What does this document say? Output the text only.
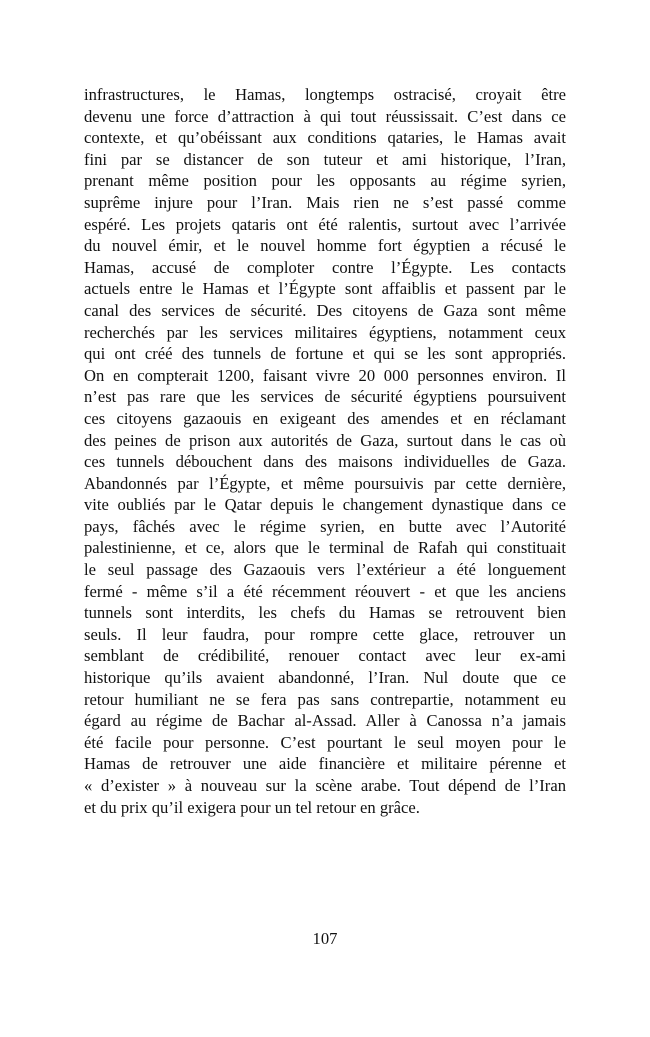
infrastructures, le Hamas, longtemps ostracisé, croyait être
devenu une force d’attraction à qui tout réussissait. C’est dans ce
contexte, et qu’obéissant aux conditions qataries, le Hamas avait
fini par se distancer de son tuteur et ami historique, l’Iran,
prenant même position pour les opposants au régime syrien,
suprême injure pour l’Iran. Mais rien ne s’est passé comme
espéré. Les projets qataris ont été ralentis, surtout avec l’arrivée
du nouvel émir, et le nouvel homme fort égyptien a récusé le
Hamas, accusé de comploter contre l’Égypte. Les contacts
actuels entre le Hamas et l’Égypte sont affaiblis et passent par le
canal des services de sécurité. Des citoyens de Gaza sont même
recherchés par les services militaires égyptiens, notamment ceux
qui ont créé des tunnels de fortune et qui se les sont appropriés.
On en compterait 1200, faisant vivre 20 000 personnes environ. Il
n’est pas rare que les services de sécurité égyptiens poursuivent
ces citoyens gazaouis en exigeant des amendes et en réclamant
des peines de prison aux autorités de Gaza, surtout dans le cas où
ces tunnels débouchent dans des maisons individuelles de Gaza.
Abandonnés par l’Égypte, et même poursuivis par cette dernière,
vite oubliés par le Qatar depuis le changement dynastique dans ce
pays, fâchés avec le régime syrien, en butte avec l’Autorité
palestinienne, et ce, alors que le terminal de Rafah qui constituait
le seul passage des Gazaouis vers l’extérieur a été longuement
fermé - même s’il a été récemment réouvert - et que les anciens
tunnels sont interdits, les chefs du Hamas se retrouvent bien
seuls. Il leur faudra, pour rompre cette glace, retrouver un
semblant de crédibilité, renouer contact avec leur ex-ami
historique qu’ils avaient abandonné, l’Iran. Nul doute que ce
retour humiliant ne se fera pas sans contrepartie, notamment eu
égard au régime de Bachar al-Assad. Aller à Canossa n’a jamais
été facile pour personne. C’est pourtant le seul moyen pour le
Hamas de retrouver une aide financière et militaire pérenne et
« d’exister » à nouveau sur la scène arabe. Tout dépend de l’Iran
et du prix qu’il exigera pour un tel retour en grâce.
107
